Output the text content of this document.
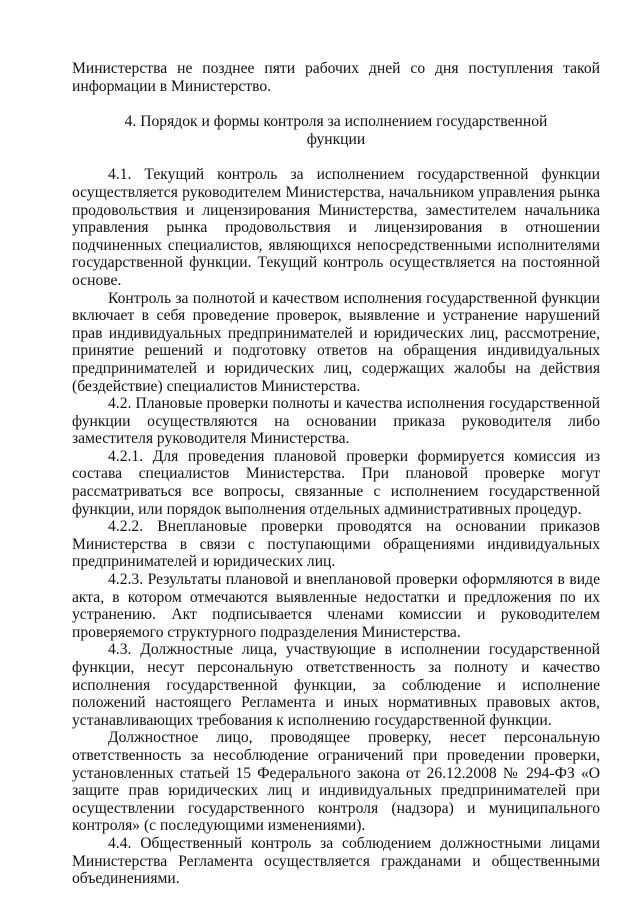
Министерства не позднее пяти рабочих дней со дня поступления такой информации в Министерство.

4. Порядок и формы контроля за исполнением государственной
функции

4.1. Текущий контроль за исполнением государственной функции осуществляется руководителем Министерства, начальником управления рынка продовольствия и лицензирования Министерства, заместителем начальника управления рынка продовольствия и лицензирования в отношении подчиненных специалистов, являющихся непосредственными исполнителями государственной функции. Текущий контроль осуществляется на постоянной основе.

Контроль за полнотой и качеством исполнения государственной функции включает в себя проведение проверок, выявление и устранение нарушений прав индивидуальных предпринимателей и юридических лиц, рассмотрение, принятие решений и подготовку ответов на обращения индивидуальных предпринимателей и юридических лиц, содержащих жалобы на действия (бездействие) специалистов Министерства.

4.2. Плановые проверки полноты и качества исполнения государственной функции осуществляются на основании приказа руководителя либо заместителя руководителя Министерства.

4.2.1. Для проведения плановой проверки формируется комиссия из состава специалистов Министерства. При плановой проверке могут рассматриваться все вопросы, связанные с исполнением государственной функции, или порядок выполнения отдельных административных процедур.

4.2.2. Внеплановые проверки проводятся на основании приказов Министерства в связи с поступающими обращениями индивидуальных предпринимателей и юридических лиц.

4.2.3. Результаты плановой и внеплановой проверки оформляются в виде акта, в котором отмечаются выявленные недостатки и предложения по их устранению. Акт подписывается членами комиссии и руководителем проверяемого структурного подразделения Министерства.

4.3. Должностные лица, участвующие в исполнении государственной функции, несут персональную ответственность за полноту и качество исполнения государственной функции, за соблюдение и исполнение положений настоящего Регламента и иных нормативных правовых актов, устанавливающих требования к исполнению государственной функции.

Должностное лицо, проводящее проверку, несет персональную ответственность за несоблюдение ограничений при проведении проверки, установленных статьей 15 Федерального закона от 26.12.2008 № 294-ФЗ «О защите прав юридических лиц и индивидуальных предпринимателей при осуществлении государственного контроля (надзора) и муниципального контроля» (с последующими изменениями).

4.4. Общественный контроль за соблюдением должностными лицами Министерства Регламента осуществляется гражданами и общественными объединениями.
